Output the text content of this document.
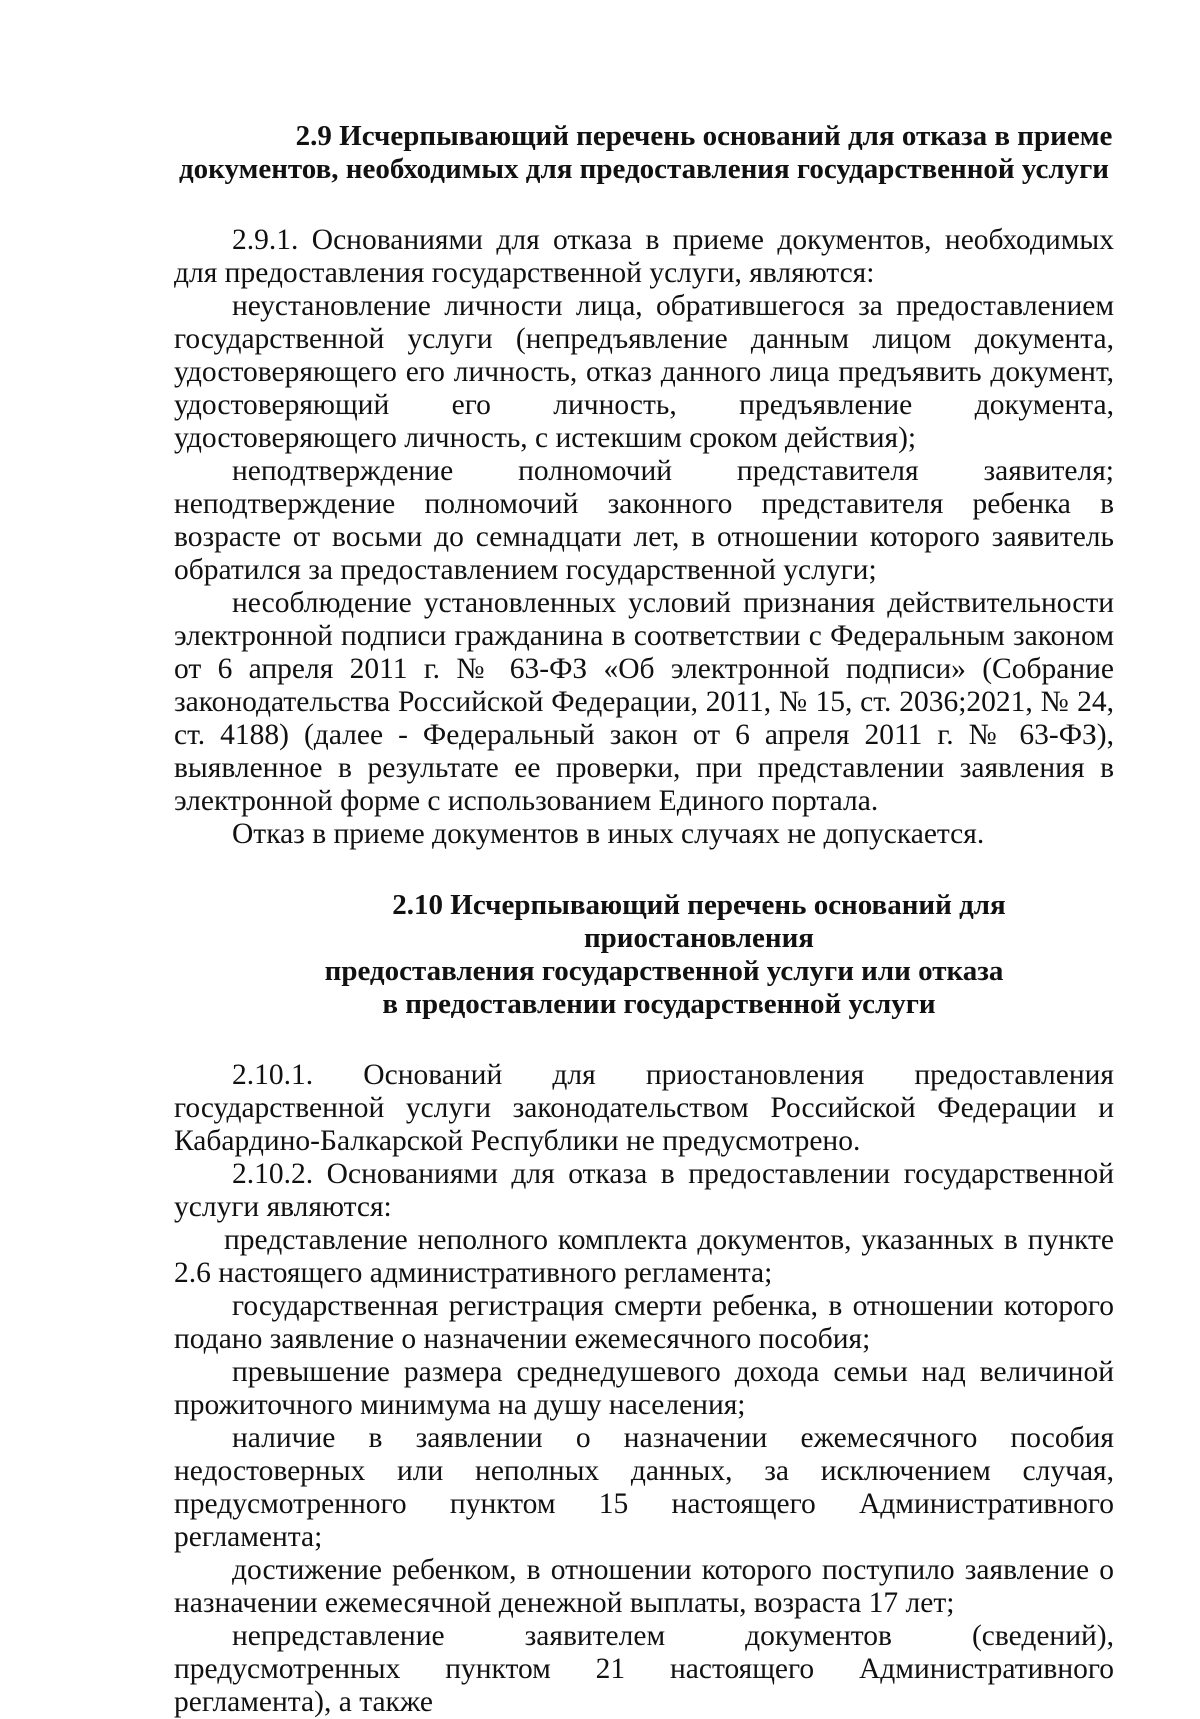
2.9 Исчерпывающий перечень оснований для отказа в приеме
документов, необходимых для предоставления государственной услуги

2.9.1. Основаниями для отказа в приеме документов, необходимых для предоставления государственной услуги, являются:

неустановление личности лица, обратившегося за предоставлением государственной услуги (непредъявление данным лицом документа, удостоверяющего его личность, отказ данного лица предъявить документ, удостоверяющий его личность, предъявление документа, удостоверяющего личность, с истекшим сроком действия);

неподтверждение полномочий представителя заявителя; неподтверждение полномочий законного представителя ребенка в возрасте от восьми до семнадцати лет, в отношении которого заявитель обратился за предоставлением государственной услуги;

несоблюдение установленных условий признания действительности электронной подписи гражданина в соответствии с Федеральным законом от 6 апреля 2011 г. № 63-ФЗ «Об электронной подписи» (Собрание законодательства Российской Федерации, 2011, № 15, ст. 2036;2021, № 24, ст. 4188) (далее - Федеральный закон от 6 апреля 2011 г. № 63-ФЗ), выявленное в результате ее проверки, при представлении заявления в электронной форме с использованием Единого портала.

Отказ в приеме документов в иных случаях не допускается.

2.10 Исчерпывающий перечень оснований для приостановления
предоставления государственной услуги или отказа
в предоставлении государственной услуги

2.10.1. Оснований для приостановления предоставления государственной услуги законодательством Российской Федерации и Кабардино-Балкарской Республики не предусмотрено.

2.10.2. Основаниями для отказа в предоставлении государственной услуги являются:

представление неполного комплекта документов, указанных в пункте 2.6 настоящего административного регламента;

государственная регистрация смерти ребенка, в отношении которого подано заявление о назначении ежемесячного пособия;

превышение размера среднедушевого дохода семьи над величиной прожиточного минимума на душу населения;

наличие в заявлении о назначении ежемесячного пособия недостоверных или неполных данных, за исключением случая, предусмотренного пунктом 15 настоящего Административного регламента;

достижение ребенком, в отношении которого поступило заявление о назначении ежемесячной денежной выплаты, возраста 17 лет;

непредставление заявителем документов (сведений), предусмотренных пунктом 21 настоящего Административного регламента), а также
